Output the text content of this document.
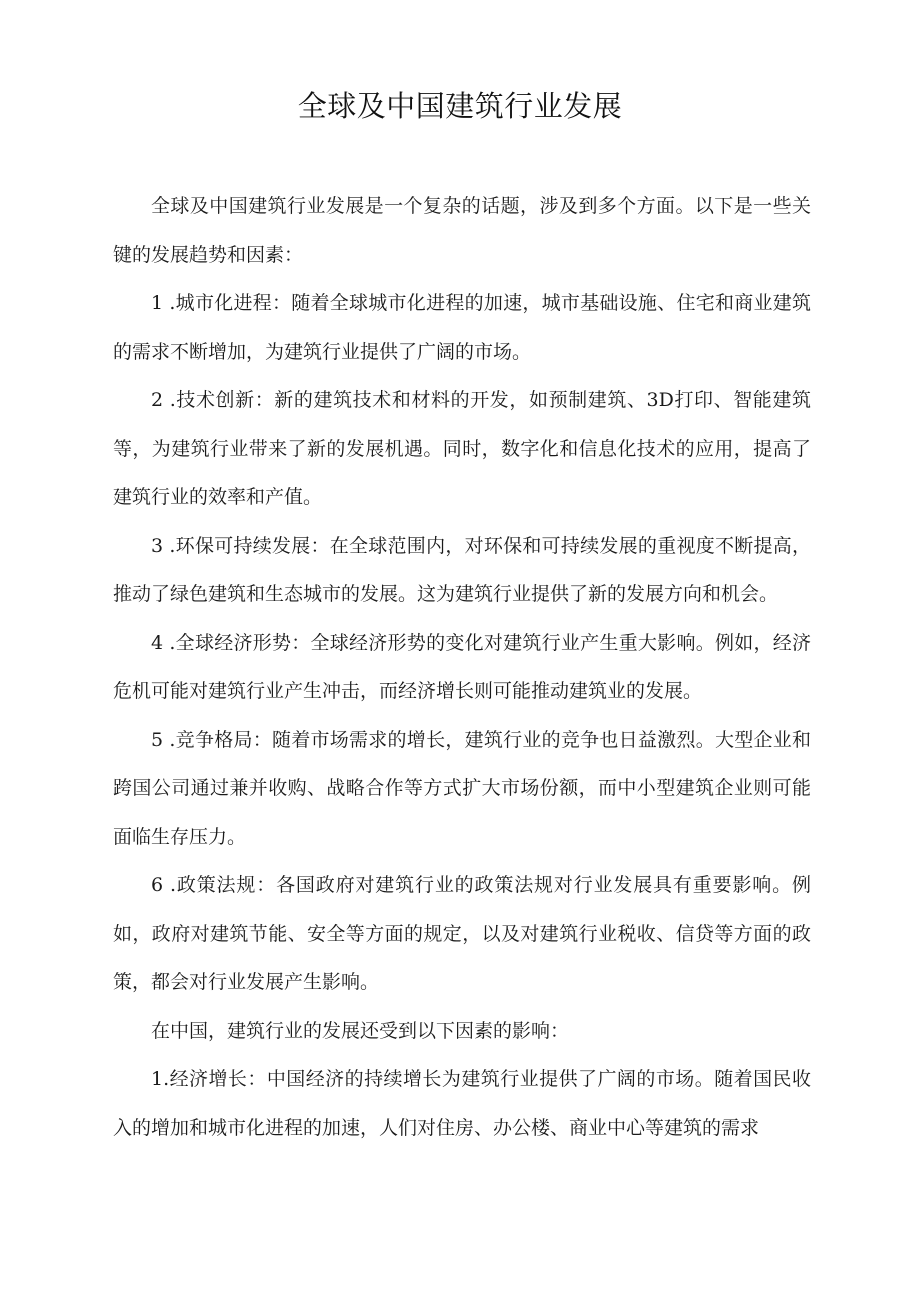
全球及中国建筑行业发展

全球及中国建筑行业发展是一个复杂的话题，涉及到多个方面。以下是一些关键的发展趋势和因素：

1 .城市化进程：随着全球城市化进程的加速，城市基础设施、住宅和商业建筑的需求不断增加，为建筑行业提供了广阔的市场。

2 .技术创新：新的建筑技术和材料的开发，如预制建筑、3D打印、智能建筑等，为建筑行业带来了新的发展机遇。同时，数字化和信息化技术的应用，提高了建筑行业的效率和产值。

3 .环保可持续发展：在全球范围内，对环保和可持续发展的重视度不断提高，推动了绿色建筑和生态城市的发展。这为建筑行业提供了新的发展方向和机会。

4 .全球经济形势：全球经济形势的变化对建筑行业产生重大影响。例如，经济危机可能对建筑行业产生冲击，而经济增长则可能推动建筑业的发展。

5 .竞争格局：随着市场需求的增长，建筑行业的竞争也日益激烈。大型企业和跨国公司通过兼并收购、战略合作等方式扩大市场份额，而中小型建筑企业则可能面临生存压力。

6 .政策法规：各国政府对建筑行业的政策法规对行业发展具有重要影响。例如，政府对建筑节能、安全等方面的规定，以及对建筑行业税收、信贷等方面的政策，都会对行业发展产生影响。

在中国，建筑行业的发展还受到以下因素的影响：

1.经济增长：中国经济的持续增长为建筑行业提供了广阔的市场。随着国民收入的增加和城市化进程的加速，人们对住房、办公楼、商业中心等建筑的需求
